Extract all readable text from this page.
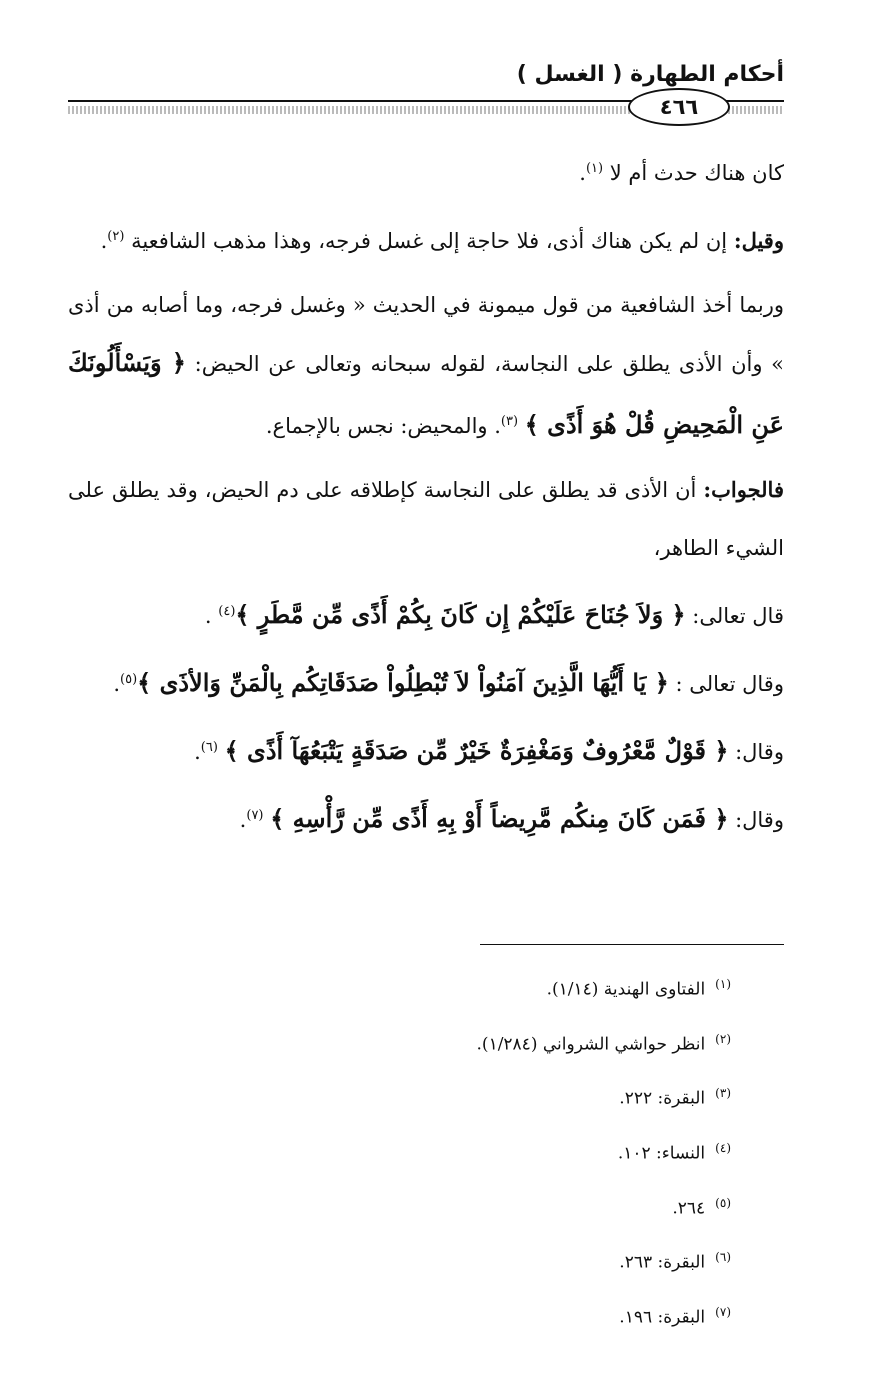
أحكام الطهارة ( الغسل )
٤٦٦

كان هناك حدث أم لا $^{(١)}$.

وقيل: إن لم يكن هناك أذى، فلا حاجة إلى غسل فرجه، وهذا مذهب الشافعية $^{(٢)}$.

وربما أخذ الشافعية من قول ميمونة في الحديث « وغسل فرجه، وما أصابه من أذى » وأن الأذى يطلق على النجاسة، لقوله سبحانه وتعالى عن الحيض: ﴿ وَيَسْأَلُونَكَ عَنِ الْمَحِيضِ قُلْ هُوَ أَذًى ﴾ $^{(٣)}$. والمحيض: نجس بالإجماع.

فالجواب: أن الأذى قد يطلق على النجاسة كإطلاقه على دم الحيض، وقد يطلق على الشيء الطاهر،

قال تعالى: ﴿ وَلاَ جُنَاحَ عَلَيْكُمْ إِن كَانَ بِكُمْ أَذًى مِّن مَّطَرٍ ﴾$^{(٤)}$ .

وقال تعالى : ﴿ يَا أَيُّهَا الَّذِينَ آمَنُواْ لاَ تُبْطِلُواْ صَدَقَاتِكُم بِالْمَنِّ وَالأذَى ﴾$^{(٥)}$.

وقال: ﴿ قَوْلٌ مَّعْرُوفٌ وَمَغْفِرَةٌ خَيْرٌ مِّن صَدَقَةٍ يَتْبَعُهَآ أَذًى ﴾ $^{(٦)}$.

وقال: ﴿ فَمَن كَانَ مِنكُم مَّرِيضاً أَوْ بِهِ أَذًى مِّن رَّأْسِهِ ﴾ $^{(٧)}$.

$^{(١)}$الفتاوى الهندية (١/١٤).
$^{(٢)}$انظر حواشي الشرواني (١/٢٨٤).
$^{(٣)}$البقرة: ٢٢٢.
$^{(٤)}$النساء: ١٠٢.
$^{(٥)}$٢٦٤.
$^{(٦)}$البقرة: ٢٦٣.
$^{(٧)}$البقرة: ١٩٦.
